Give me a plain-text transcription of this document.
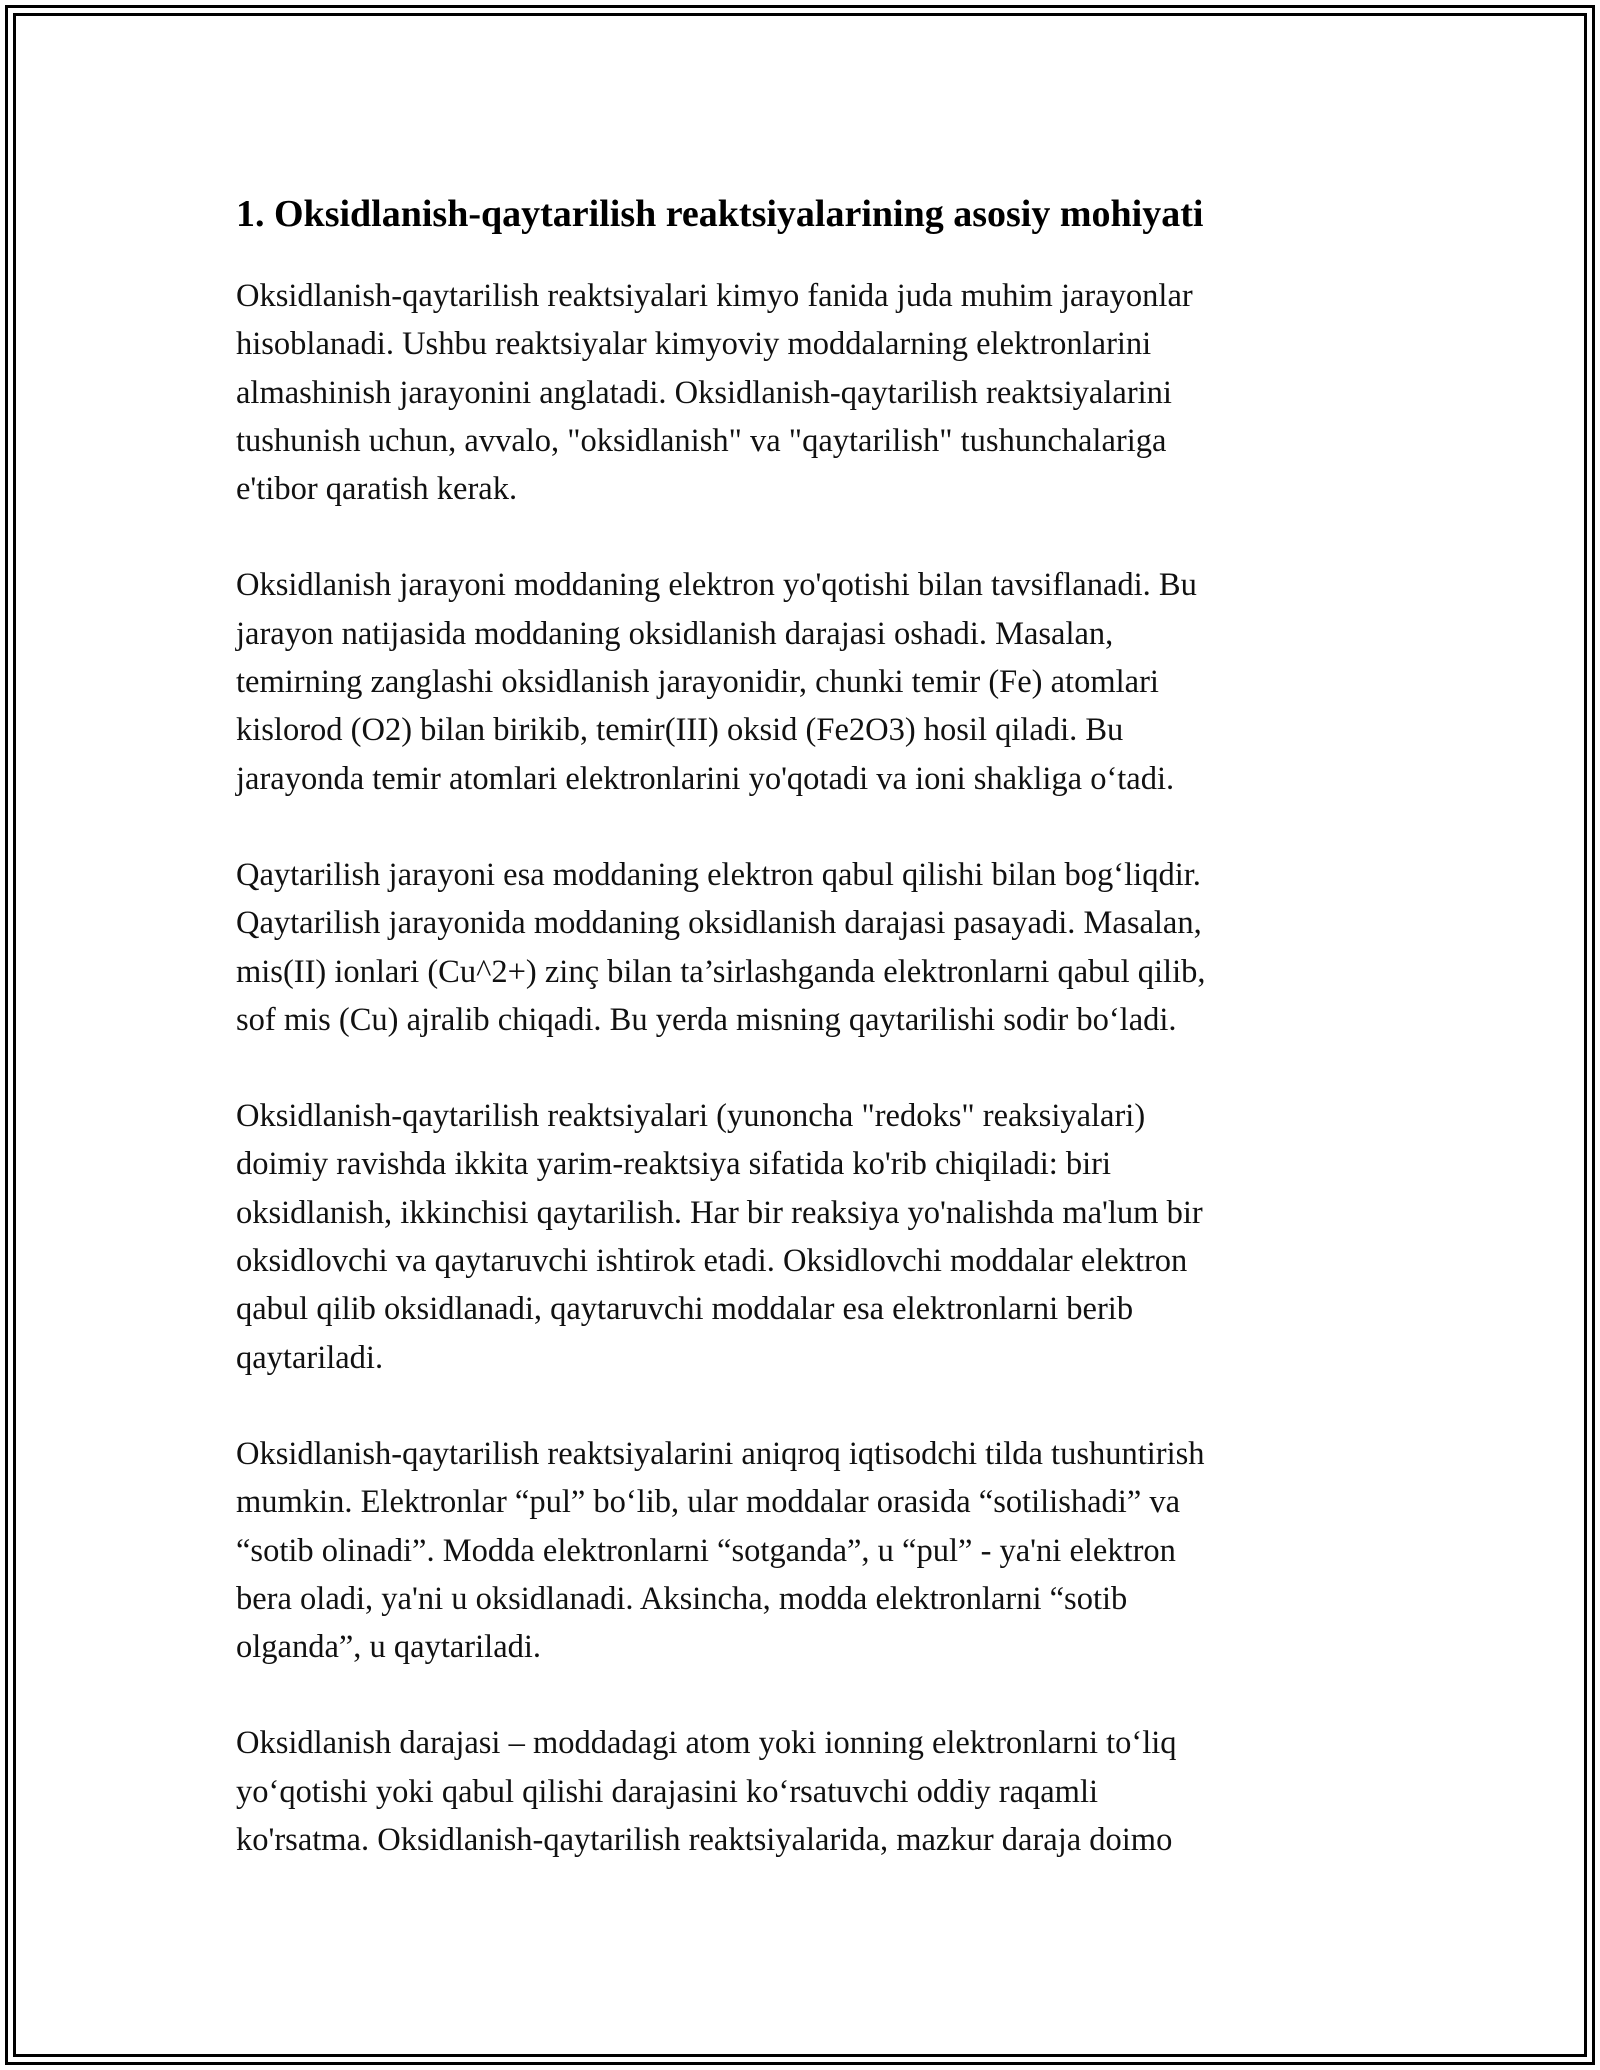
1. Oksidlanish-qaytarilish reaktsiyalarining asosiy mohiyati

Oksidlanish-qaytarilish reaktsiyalari kimyo fanida juda muhim jarayonlar
hisoblanadi. Ushbu reaktsiyalar kimyoviy moddalarning elektronlarini
almashinish jarayonini anglatadi. Oksidlanish-qaytarilish reaktsiyalarini
tushunish uchun, avvalo, "oksidlanish" va "qaytarilish" tushunchalariga
e'tibor qaratish kerak.

Oksidlanish jarayoni moddaning elektron yo'qotishi bilan tavsiflanadi. Bu
jarayon natijasida moddaning oksidlanish darajasi oshadi. Masalan,
temirning zanglashi oksidlanish jarayonidir, chunki temir (Fe) atomlari
kislorod (O2) bilan birikib, temir(III) oksid (Fe2O3) hosil qiladi. Bu
jarayonda temir atomlari elektronlarini yo'qotadi va ioni shakliga o‘tadi.

Qaytarilish jarayoni esa moddaning elektron qabul qilishi bilan bog‘liqdir.
Qaytarilish jarayonida moddaning oksidlanish darajasi pasayadi. Masalan,
mis(II) ionlari (Cu^2+) zinç bilan ta’sirlashganda elektronlarni qabul qilib,
sof mis (Cu) ajralib chiqadi. Bu yerda misning qaytarilishi sodir bo‘ladi.

Oksidlanish-qaytarilish reaktsiyalari (yunoncha "redoks" reaksiyalari)
doimiy ravishda ikkita yarim-reaktsiya sifatida ko'rib chiqiladi: biri
oksidlanish, ikkinchisi qaytarilish. Har bir reaksiya yo'nalishda ma'lum bir
oksidlovchi va qaytaruvchi ishtirok etadi. Oksidlovchi moddalar elektron
qabul qilib oksidlanadi, qaytaruvchi moddalar esa elektronlarni berib
qaytariladi.

Oksidlanish-qaytarilish reaktsiyalarini aniqroq iqtisodchi tilda tushuntirish
mumkin. Elektronlar “pul” bo‘lib, ular moddalar orasida “sotilishadi” va
“sotib olinadi”. Modda elektronlarni “sotganda”, u “pul” - ya'ni elektron
bera oladi, ya'ni u oksidlanadi. Aksincha, modda elektronlarni “sotib
olganda”, u qaytariladi.

Oksidlanish darajasi – moddadagi atom yoki ionning elektronlarni to‘liq
yo‘qotishi yoki qabul qilishi darajasini ko‘rsatuvchi oddiy raqamli
ko'rsatma. Oksidlanish-qaytarilish reaktsiyalarida, mazkur daraja doimo
